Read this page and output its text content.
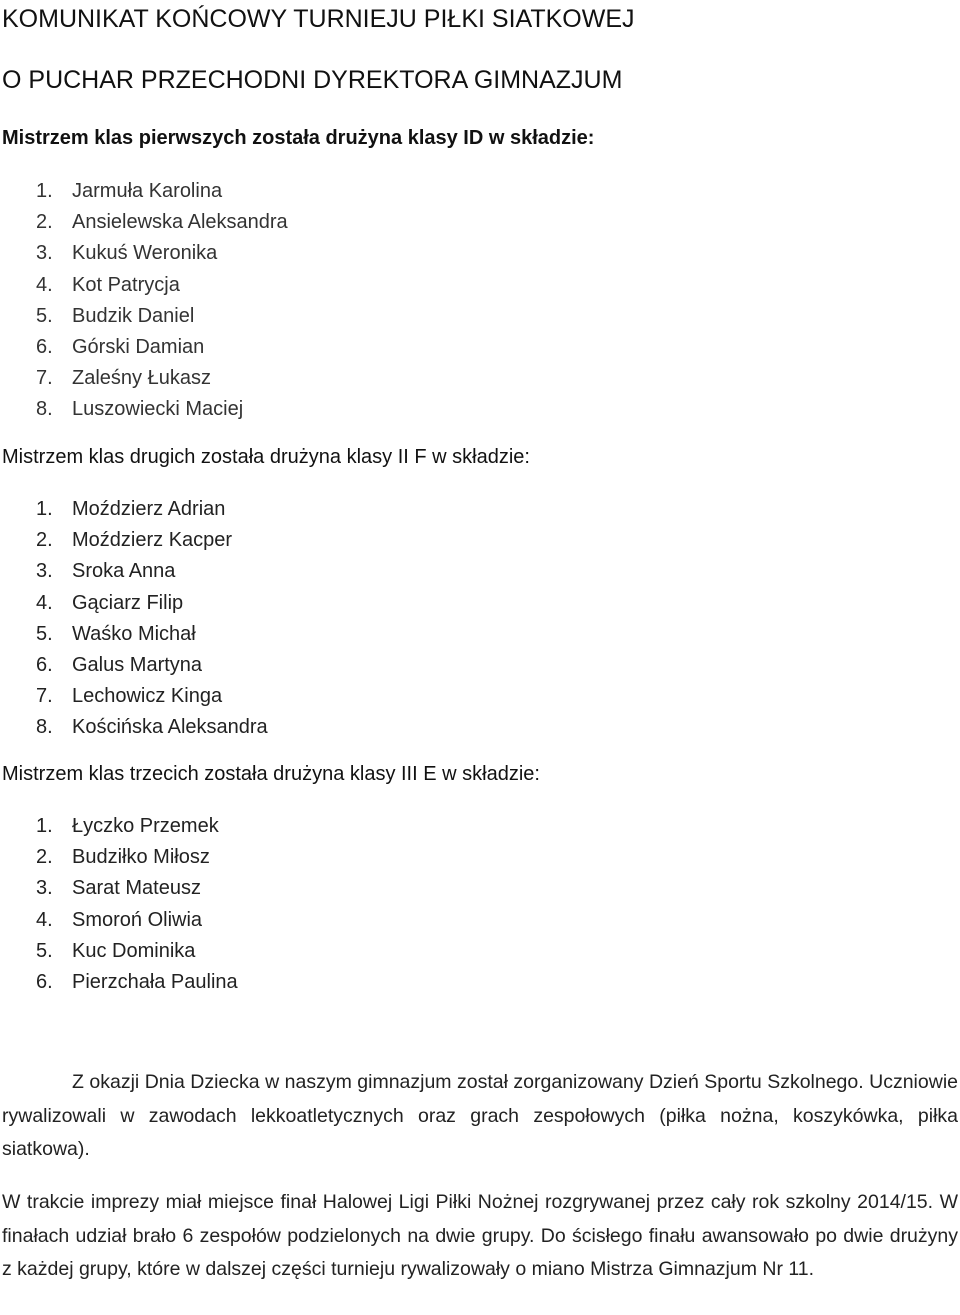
KOMUNIKAT KOŃCOWY TURNIEJU PIŁKI SIATKOWEJ
O PUCHAR PRZECHODNI DYREKTORA GIMNAZJUM
Mistrzem klas pierwszych została drużyna klasy ID w składzie:
1. Jarmuła Karolina
2. Ansielewska Aleksandra
3. Kukuś Weronika
4. Kot Patrycja
5. Budzik Daniel
6. Górski Damian
7. Zaleśny Łukasz
8. Luszowiecki Maciej
Mistrzem klas drugich została drużyna klasy II F w składzie:
1. Moździerz Adrian
2. Moździerz Kacper
3. Sroka Anna
4. Gąciarz Filip
5. Waśko Michał
6. Galus Martyna
7. Lechowicz Kinga
8. Kościńska Aleksandra
Mistrzem klas trzecich została drużyna klasy III E w składzie:
1. Łyczko Przemek
2. Budziłko Miłosz
3. Sarat Mateusz
4. Smoroń Oliwia
5. Kuc Dominika
6. Pierzchała Paulina

Z okazji Dnia Dziecka w naszym gimnazjum został zorganizowany Dzień Sportu Szkolnego. Uczniowie rywalizowali w zawodach lekkoatletycznych oraz grach zespołowych (piłka nożna, koszykówka, piłka siatkowa).

W trakcie imprezy miał miejsce finał Halowej Ligi Piłki Nożnej rozgrywanej przez cały rok szkolny 2014/15. W finałach udział brało 6 zespołów podzielonych na dwie grupy. Do ścisłego finału awansowało po dwie drużyny z każdej grupy, które w dalszej części turnieju rywalizowały o miano Mistrza Gimnazjum Nr 11.
